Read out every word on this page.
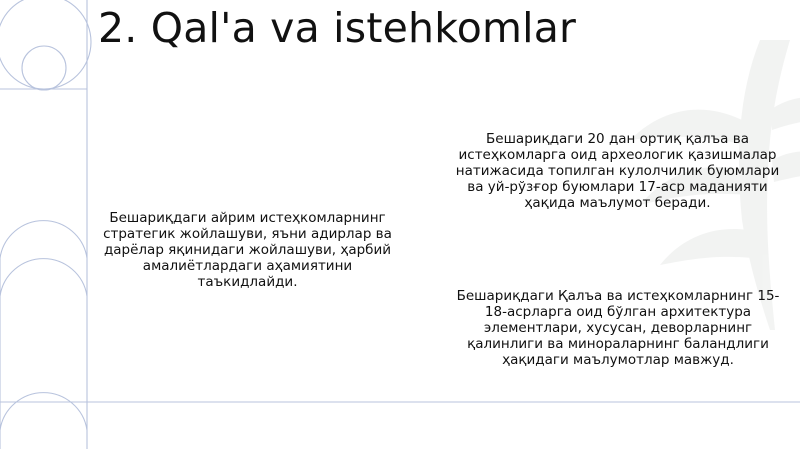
2. Qal'a va istehkomlar
Бешариқдаги айрим истеҳкомларнинг стратегик жойлашуви, яъни адирлар ва дарёлар яқинидаги жойлашуви, ҳарбий амалиётлардаги аҳамиятини таъкидлайди.
Бешариқдаги 20 дан ортиқ қалъа ва истеҳкомларга оид археологик қазишмалар натижасида топилган кулолчилик буюмлари ва уй-рўзғор буюмлари 17-аср маданияти ҳақида маълумот беради.
Бешариқдаги Қалъа ва истеҳкомларнинг 15-18-асрларга оид бўлган архитектура элементлари, хусусан, деворларнинг қалинлиги ва минораларнинг баландлиги ҳақидаги маълумотлар мавжуд.
